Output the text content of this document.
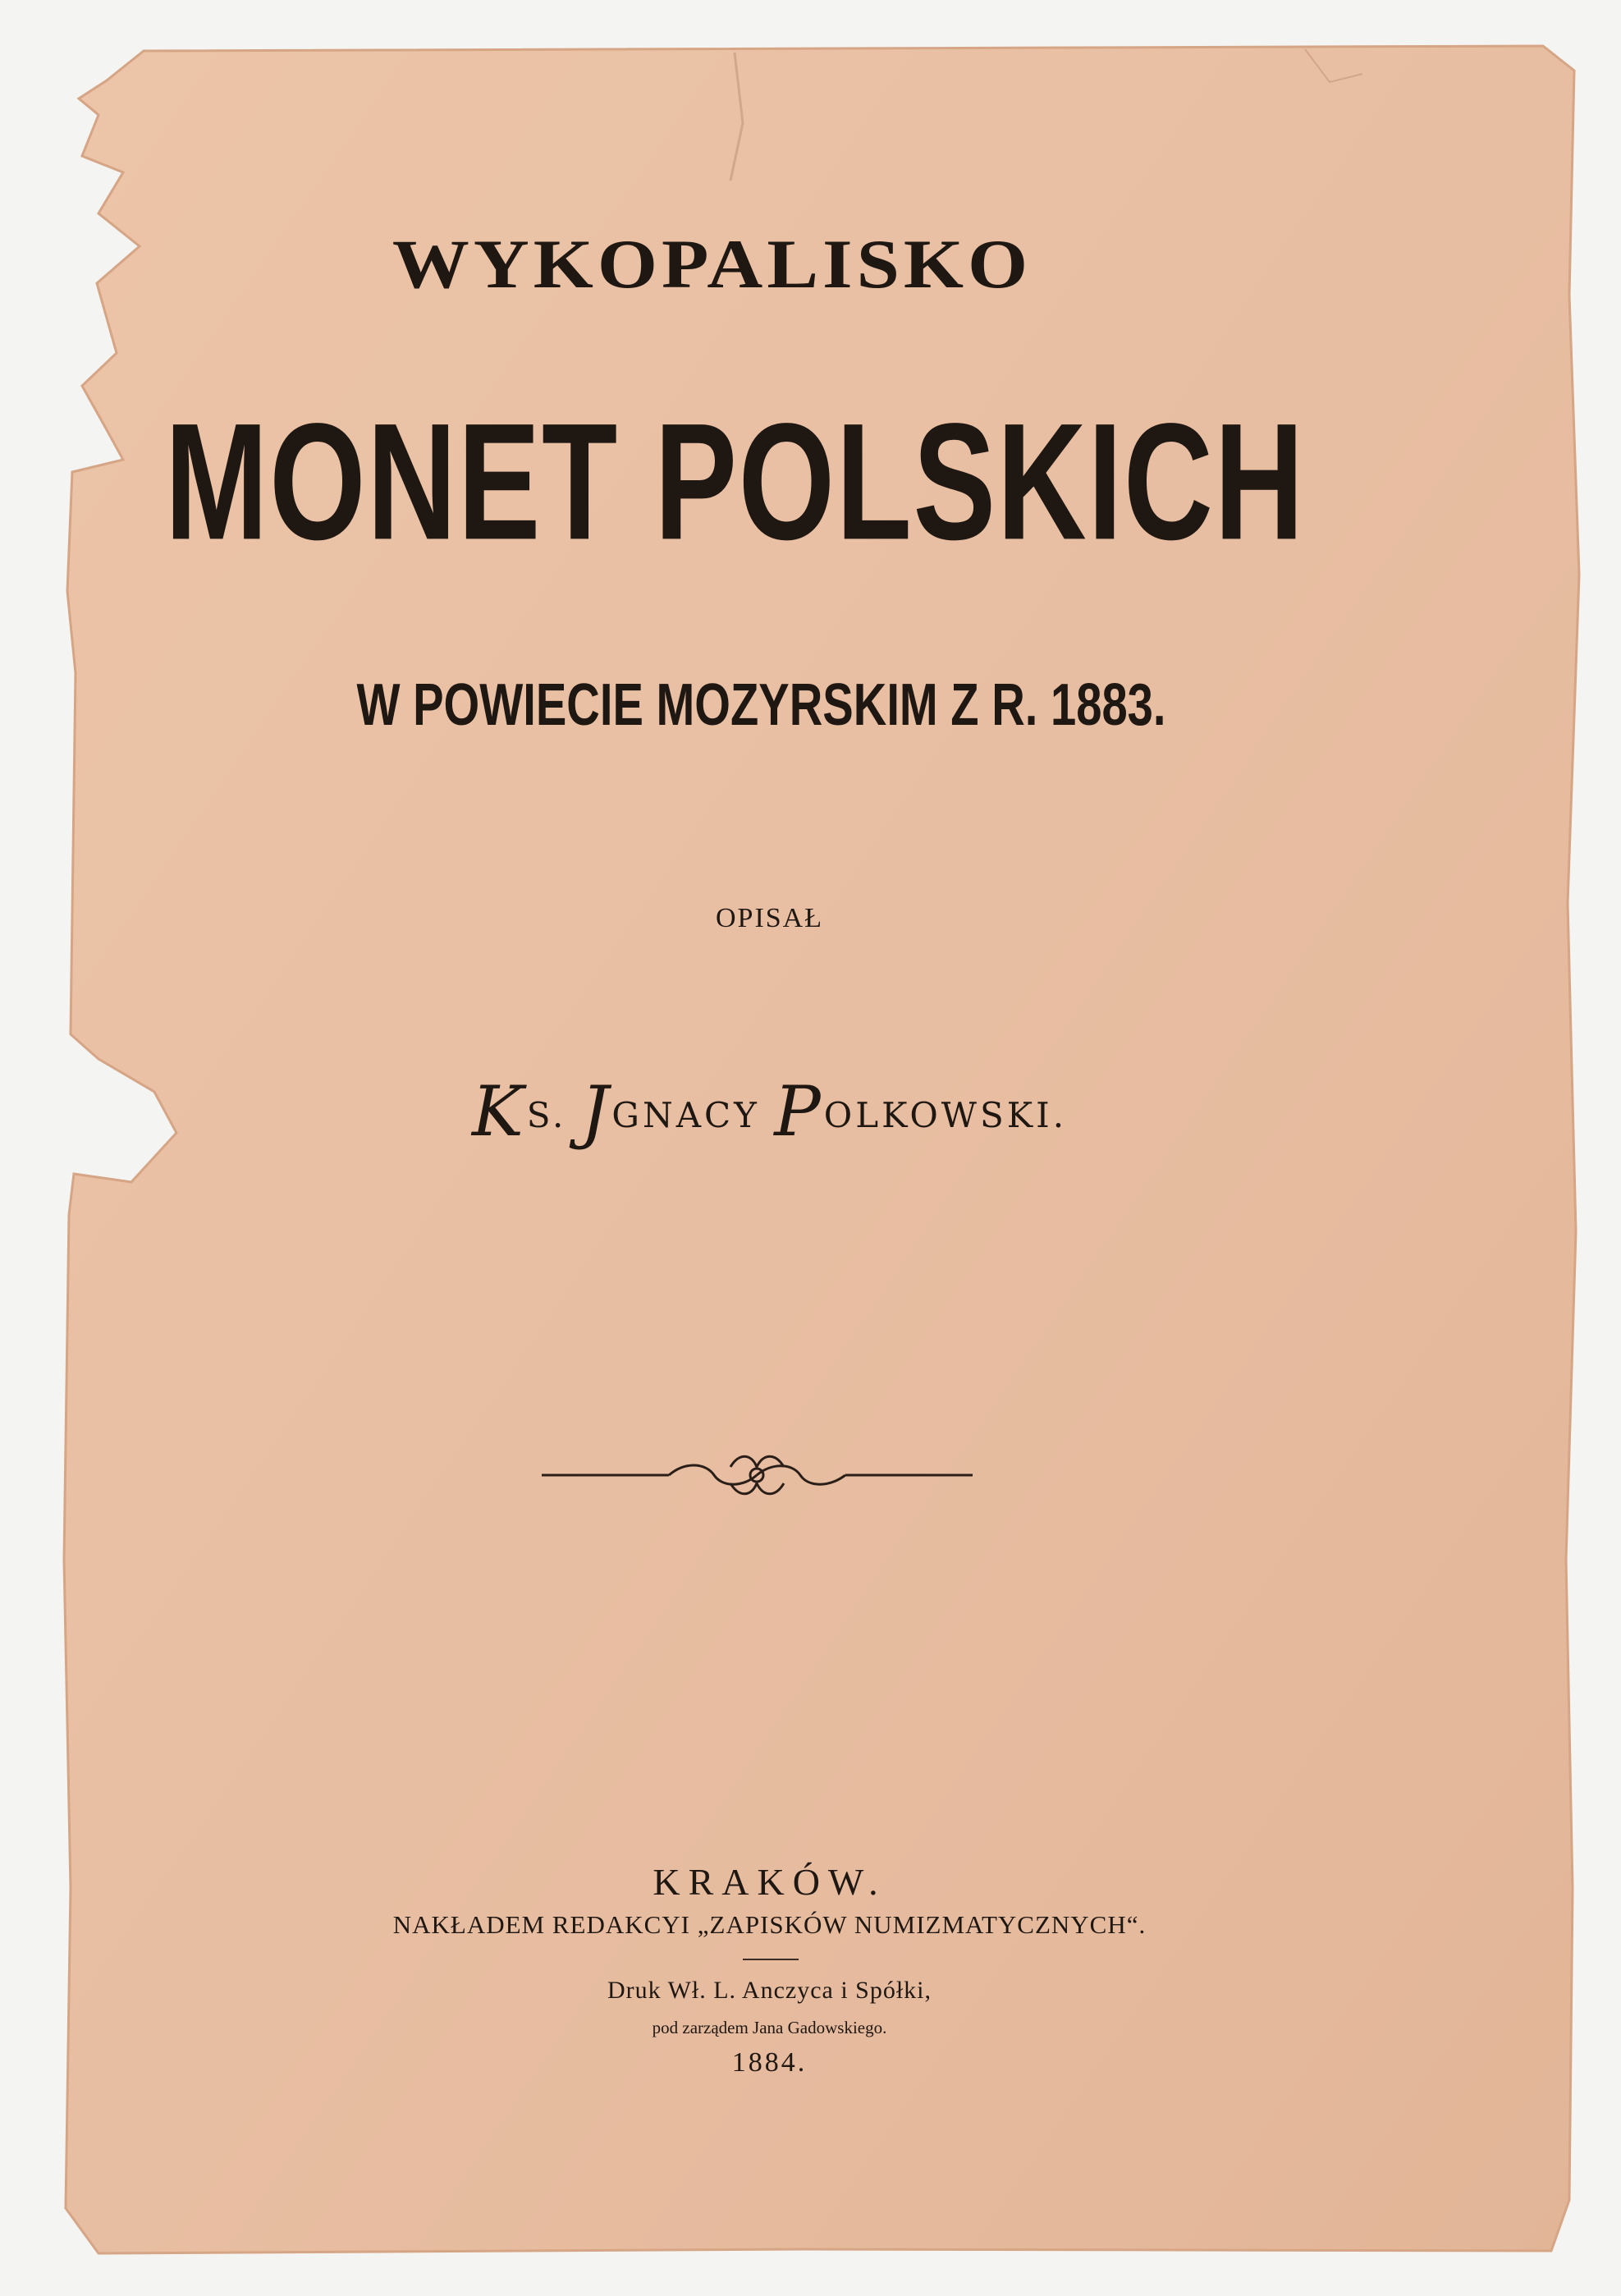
WYKOPALISKO
MONET POLSKICH
W POWIECIE MOZYRSKIM Z R. 1883.
OPISAŁ
KS. JGNACY POLKOWSKI.
KRAKÓW.
NAKŁADEM REDAKCYI „ZAPISKÓW NUMIZMATYCZNYCH“.
Druk Wł. L. Anczyca i Spółki,
pod zarządem Jana Gadowskiego.
1884.
